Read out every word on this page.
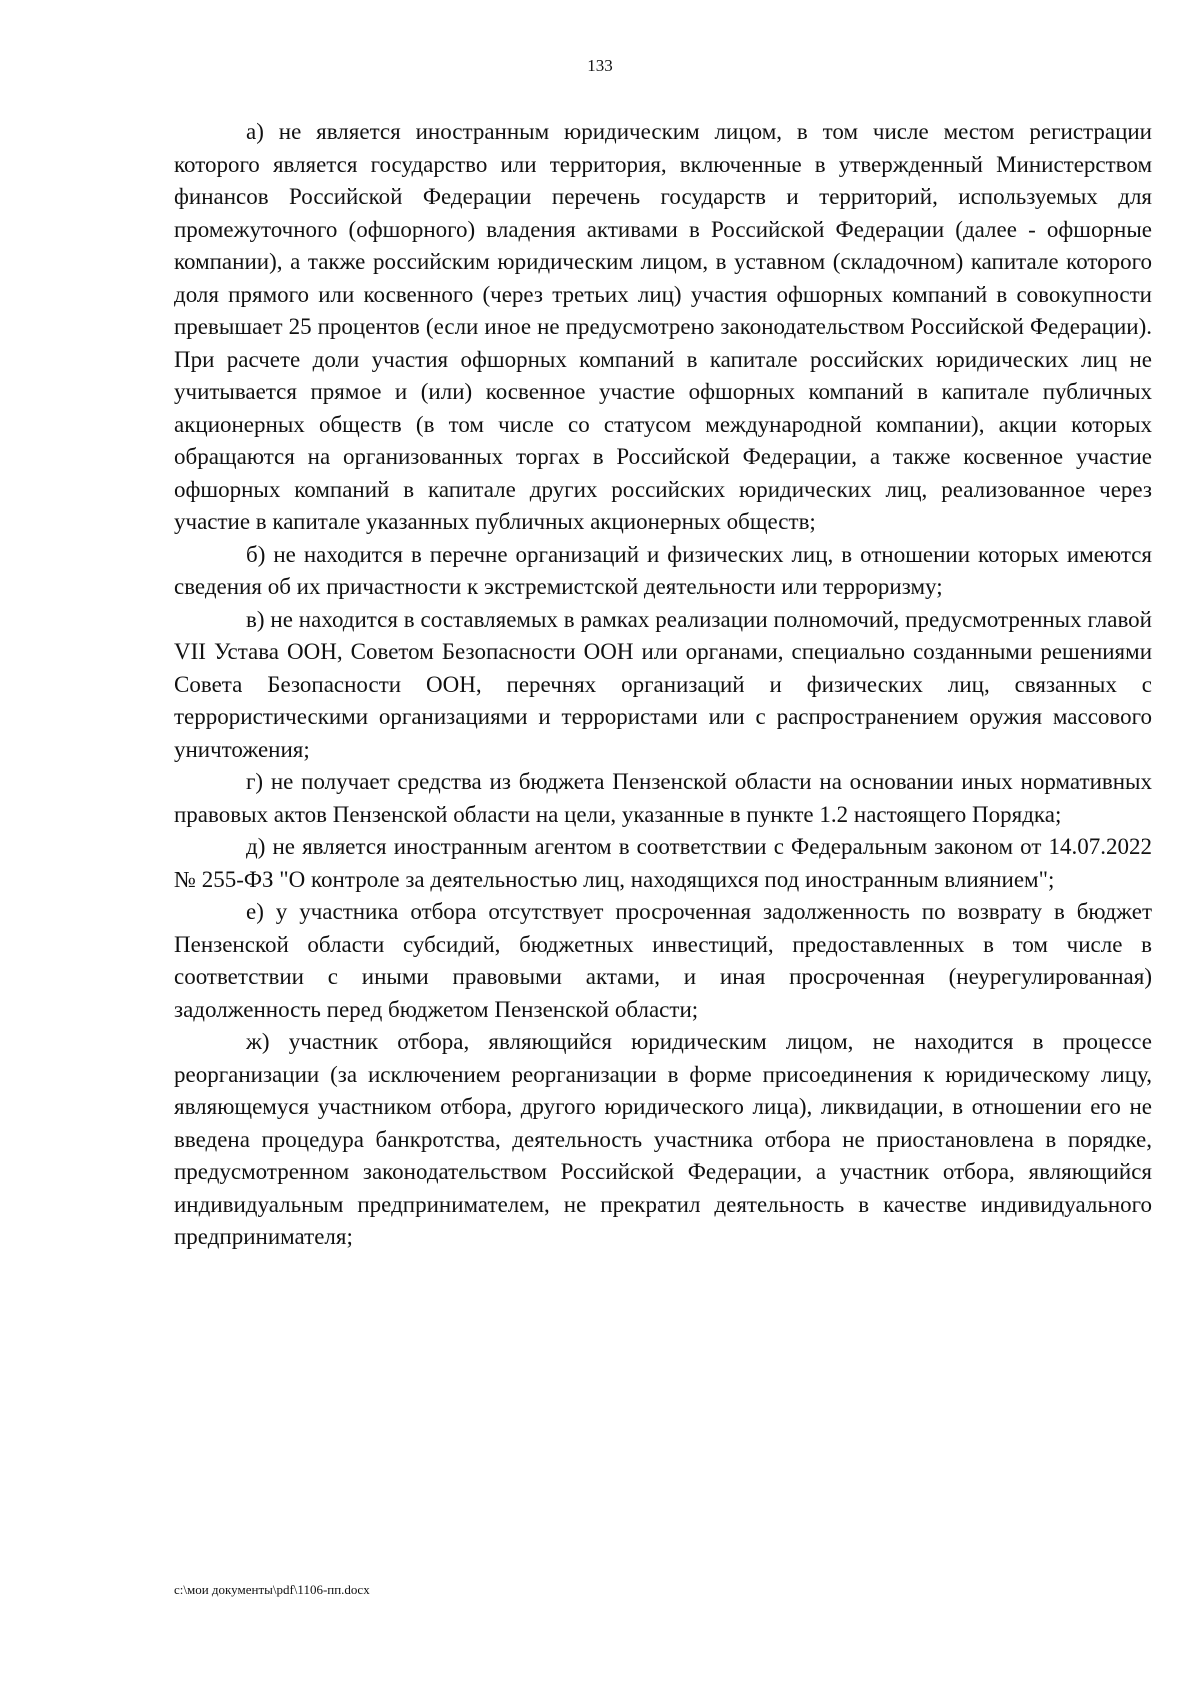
133

а) не является иностранным юридическим лицом, в том числе местом регистрации которого является государство или территория, включенные в утвержденный Министерством финансов Российской Федерации перечень государств и территорий, используемых для промежуточного (офшорного) владения активами в Российской Федерации (далее - офшорные компании), а также российским юридическим лицом, в уставном (складочном) капитале которого доля прямого или косвенного (через третьих лиц) участия офшорных компаний в совокупности превышает 25 процентов (если иное не предусмотрено законодательством Российской Федерации). При расчете доли участия офшорных компаний в капитале российских юридических лиц не учитывается прямое и (или) косвенное участие офшорных компаний в капитале публичных акционерных обществ (в том числе со статусом международной компании), акции которых обращаются на организованных торгах в Российской Федерации, а также косвенное участие офшорных компаний в капитале других российских юридических лиц, реализованное через участие в капитале указанных публичных акционерных обществ;

б) не находится в перечне организаций и физических лиц, в отношении которых имеются сведения об их причастности к экстремистской деятельности или терроризму;

в) не находится в составляемых в рамках реализации полномочий, предусмотренных главой VII Устава ООН, Советом Безопасности ООН или органами, специально созданными решениями Совета Безопасности ООН, перечнях организаций и физических лиц, связанных с террористическими организациями и террористами или с распространением оружия массового уничтожения;

г) не получает средства из бюджета Пензенской области на основании иных нормативных правовых актов Пензенской области на цели, указанные в пункте 1.2 настоящего Порядка;

д) не является иностранным агентом в соответствии с Федеральным законом от 14.07.2022 № 255-ФЗ "О контроле за деятельностью лиц, находящихся под иностранным влиянием";

е) у участника отбора отсутствует просроченная задолженность по возврату в бюджет Пензенской области субсидий, бюджетных инвестиций, предоставленных в том числе в соответствии с иными правовыми актами, и иная просроченная (неурегулированная) задолженность перед бюджетом Пензенской области;

ж) участник отбора, являющийся юридическим лицом, не находится в процессе реорганизации (за исключением реорганизации в форме присоединения к юридическому лицу, являющемуся участником отбора, другого юридического лица), ликвидации, в отношении его не введена процедура банкротства, деятельность участника отбора не приостановлена в порядке, предусмотренном законодательством Российской Федерации, а участник отбора, являющийся индивидуальным предпринимателем, не прекратил деятельность в качестве индивидуального предпринимателя;

c:\мои документы\pdf\1106-пп.docx
